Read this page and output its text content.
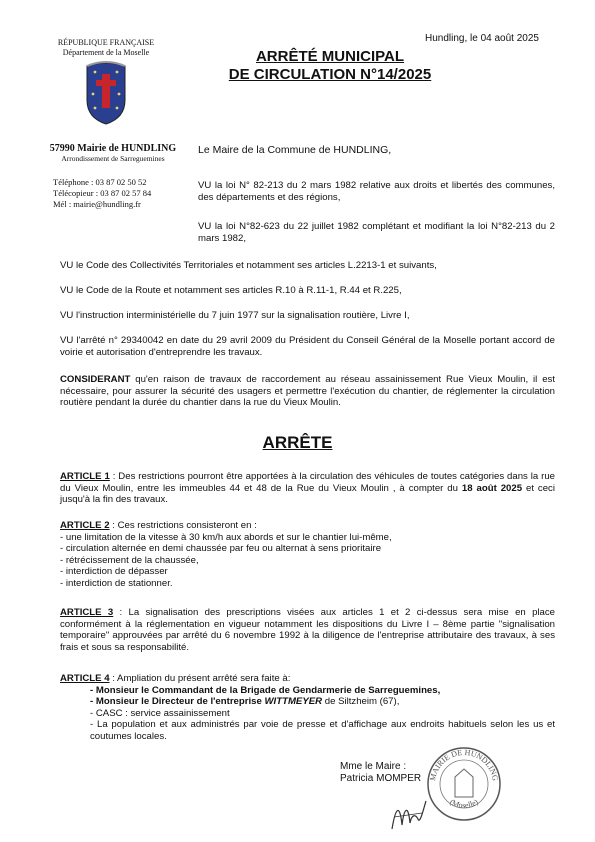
RÉPUBLIQUE FRANÇAISE
Département de la Moselle
57990 Mairie de HUNDLING
Arrondissement de Sarreguemines
Téléphone : 03 87 02 50 52
Télécopieur : 03 87 02 57 84
Mél : mairie@hundling.fr
Hundling, le 04 août 2025
ARRÊTÉ MUNICIPAL
DE CIRCULATION N°14/2025
Le Maire de la Commune de HUNDLING,
VU la loi N° 82-213 du 2 mars 1982 relative aux droits et libertés des communes, des départements et des régions,
VU la loi N°82-623 du 22 juillet 1982 complétant et modifiant la loi N°82-213 du 2 mars 1982,
VU le Code des Collectivités Territoriales et notamment ses articles L.2213-1 et suivants,
VU le Code de la Route et notamment ses articles R.10 à R.11-1, R.44 et R.225,
VU l'instruction interministérielle du 7 juin 1977 sur la signalisation routière, Livre I,
VU l'arrêté n° 29340042 en date du 29 avril 2009 du Président du Conseil Général de la Moselle portant accord de voirie et autorisation d'entreprendre les travaux.
CONSIDERANT qu'en raison de travaux de raccordement au réseau assainissement Rue Vieux Moulin, il est nécessaire, pour assurer la sécurité des usagers et permettre l'exécution du chantier, de réglementer la circulation routière pendant la durée du chantier dans la rue du Vieux Moulin.
ARRÊTE
ARTICLE 1 : Des restrictions pourront être apportées à la circulation des véhicules de toutes catégories dans la rue du Vieux Moulin, entre les immeubles 44 et 48 de la Rue du Vieux Moulin , à compter du 18 août 2025 et ceci jusqu'à la fin des travaux.
ARTICLE 2 : Ces restrictions consisteront en :
- une limitation de la vitesse à 30 km/h aux abords et sur le chantier lui-même,
- circulation alternée en demi chaussée par feu ou alternat à sens prioritaire
- rétrécissement de la chaussée,
- interdiction de dépasser
- interdiction de stationner.
ARTICLE 3 : La signalisation des prescriptions visées aux articles 1 et 2 ci-dessus sera mise en place conformément à la réglementation en vigueur notamment les dispositions du Livre I – 8ème partie "signalisation temporaire" approuvées par arrêté du 6 novembre 1992 à la diligence de l'entreprise attributaire des travaux, à ses frais et sous sa responsabilité.
ARTICLE 4 : Ampliation du présent arrêté sera faite à:
- Monsieur le Commandant de la Brigade de Gendarmerie de Sarreguemines,
- Monsieur le Directeur de l'entreprise WITTMEYER de Siltzheim (67),
- CASC : service assainissement
- La population et aux administrés par voie de presse et d'affichage aux endroits habituels selon les us et coutumes locales.
Mme le Maire :
Patricia MOMPER MAIRIE DE HUNDLING
(Moselle)
